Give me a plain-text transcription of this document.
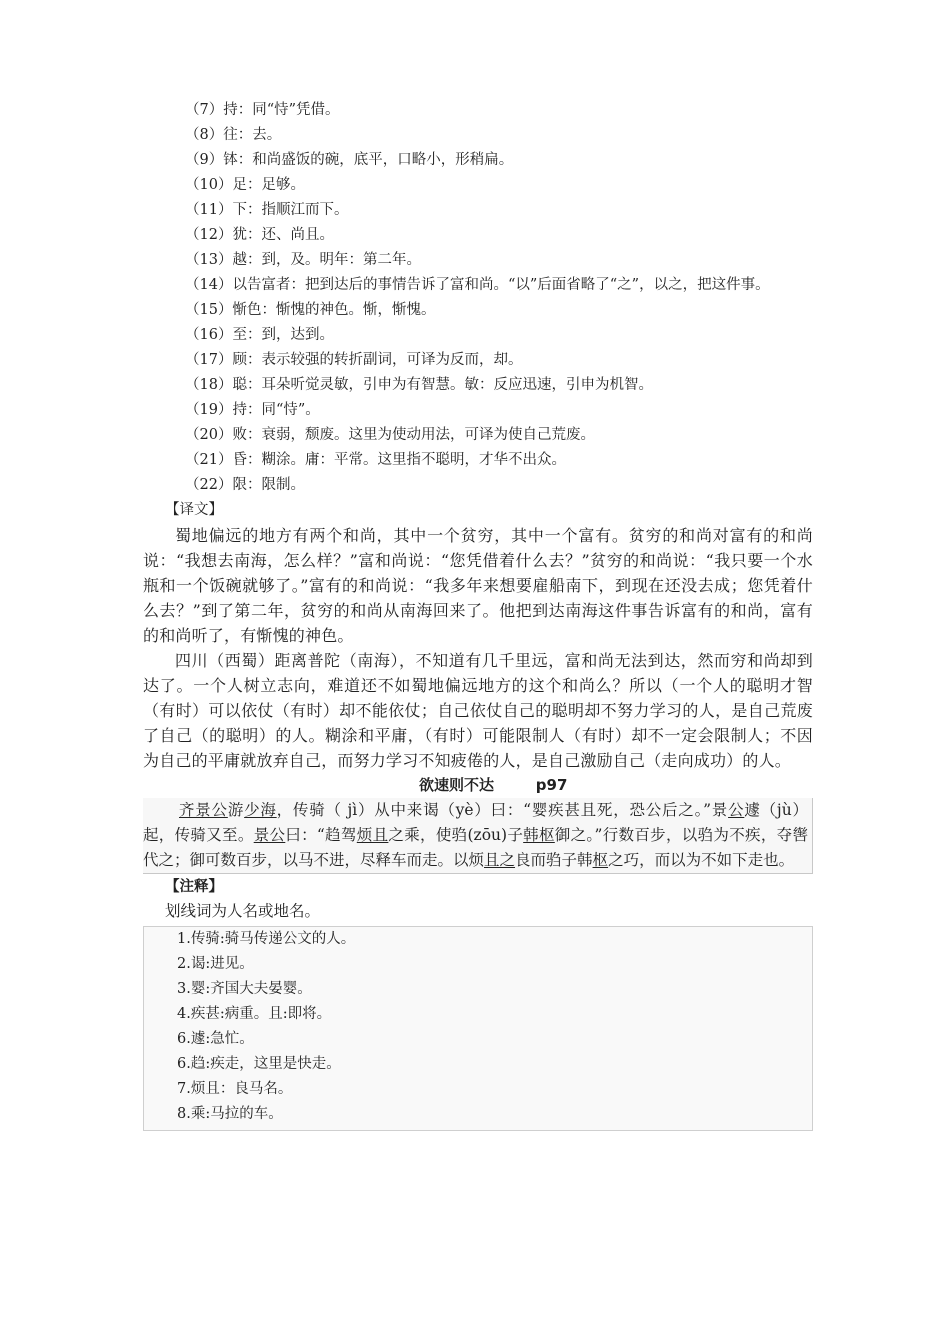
（7）持：同“恃”凭借。
（8）往：去。
（9）钵：和尚盛饭的碗，底平，口略小，形稍扁。
（10）足：足够。
（11）下：指顺江而下。
（12）犹：还、尚且。
（13）越：到，及。明年：第二年。
（14）以告富者：把到达后的事情告诉了富和尚。“以”后面省略了“之”，以之，把这件事。
（15）惭色：惭愧的神色。惭，惭愧。
（16）至：到，达到。
（17）顾：表示较强的转折副词，可译为反而，却。
（18）聪：耳朵听觉灵敏，引申为有智慧。敏：反应迅速，引申为机智。
（19）持：同“恃”。
（20）败：衰弱，颓废。这里为使动用法，可译为使自己荒废。
（21）昏：糊涂。庸：平常。这里指不聪明，才华不出众。
（22）限：限制。
【译文】
蜀地偏远的地方有两个和尚，其中一个贫穷，其中一个富有。贫穷的和尚对富有的和尚说：“我想去南海，怎么样？”富和尚说：“您凭借着什么去？”贫穷的和尚说：“我只要一个水瓶和一个饭碗就够了。”富有的和尚说：“我多年来想要雇船南下，到现在还没去成；您凭着什么去？”到了第二年，贫穷的和尚从南海回来了。他把到达南海这件事告诉富有的和尚，富有的和尚听了，有惭愧的神色。
四川（西蜀）距离普陀（南海），不知道有几千里远，富和尚无法到达，然而穷和尚却到达了。一个人树立志向，难道还不如蜀地偏远地方的这个和尚么？所以（一个人的聪明才智（有时）可以依仗（有时）却不能依仗；自己依仗自己的聪明却不努力学习的人，是自己荒废了自己（的聪明）的人。糊涂和平庸，（有时）可能限制人（有时）却不一定会限制人；不因为自己的平庸就放弃自己，而努力学习不知疲倦的人，是自己激励自己（走向成功）的人。
欲速则不达        p97
齐景公游少海，传骑（ jì）从中来谒（yè）曰：“婴疾甚且死，恐公后之。”景公遽（jù）起，传骑又至。景公曰：“趋驾烦且之乘，使驺(zōu)子韩枢御之。”行数百步，以驺为不疾，夺辔代之；御可数百步，以马不进，尽释车而走。以烦且之良而驺子韩枢之巧，而以为不如下走也。
【注释】
划线词为人名或地名。
1.传骑:骑马传递公文的人。
2.谒:进见。
3.婴:齐国大夫晏婴。
4.疾甚:病重。且:即将。
6.遽:急忙。
6.趋:疾走，这里是快走。
7.烦且：良马名。
8.乘:马拉的车。
